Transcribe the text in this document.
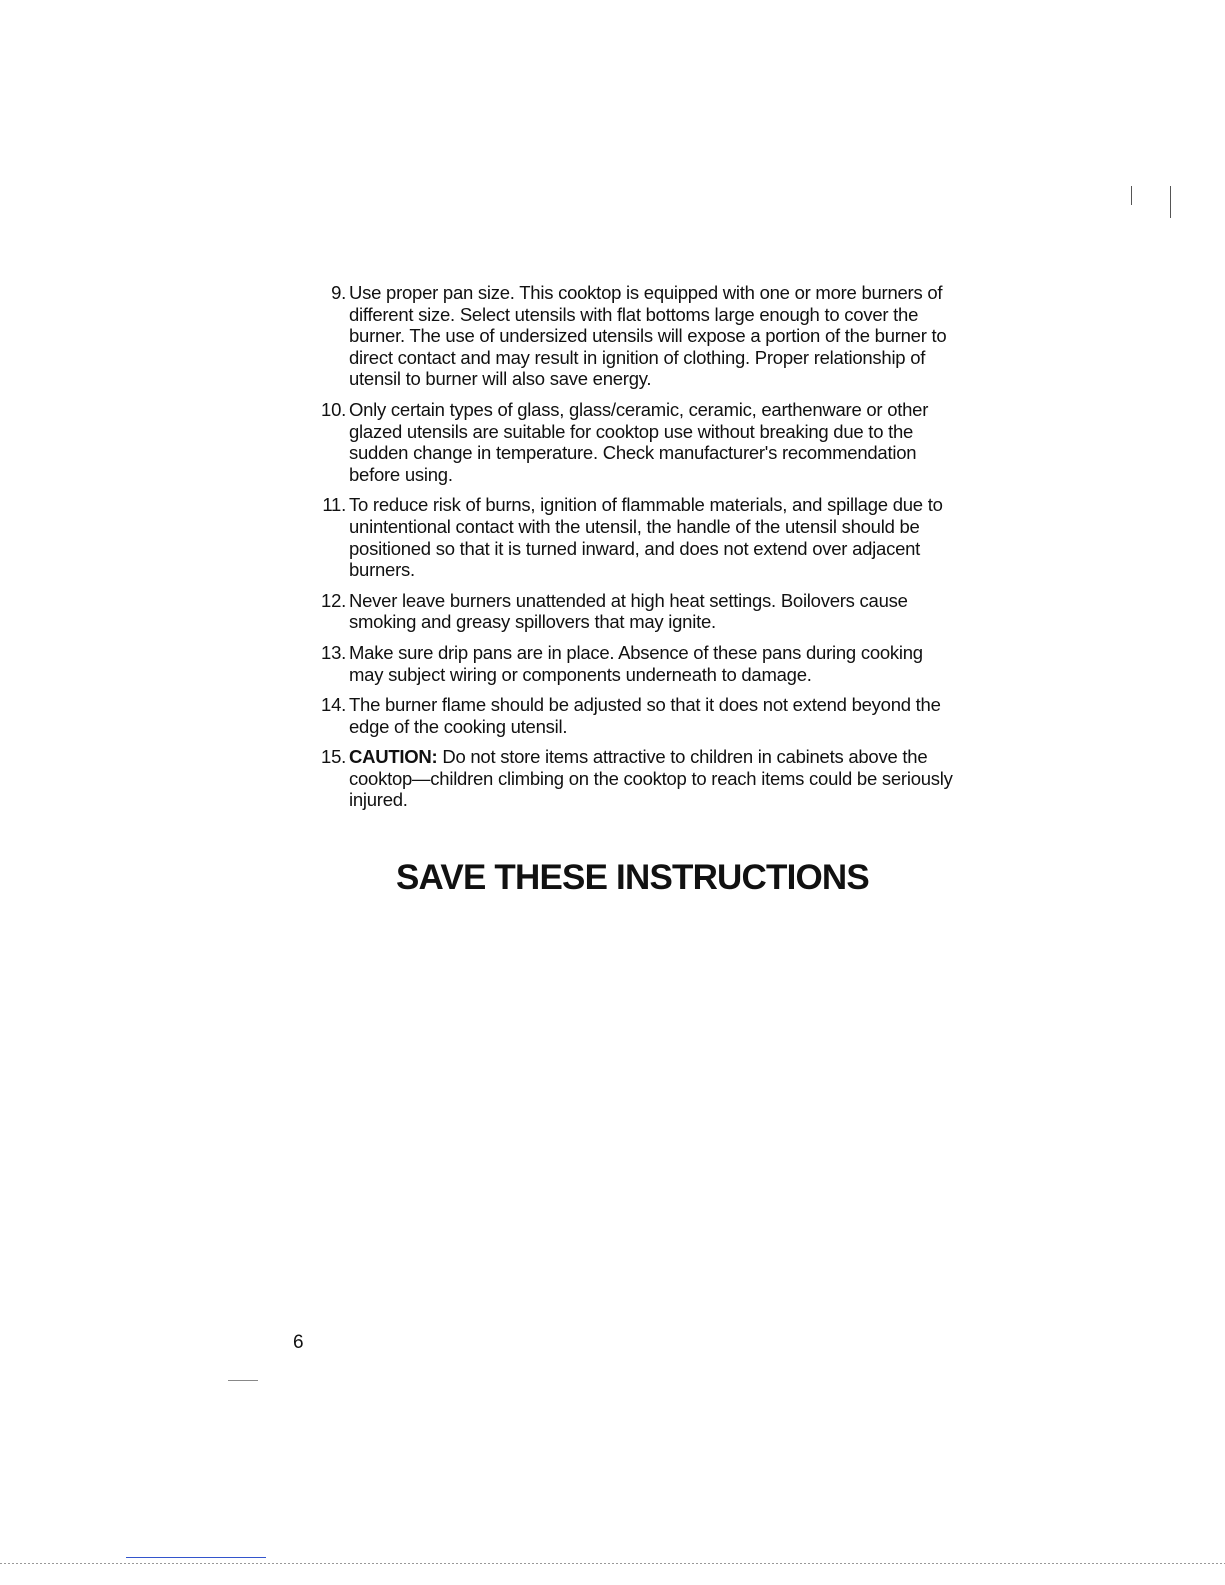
9. Use proper pan size. This cooktop is equipped with one or more burners of different size. Select utensils with flat bottoms large enough to cover the burner. The use of undersized utensils will expose a portion of the burner to direct contact and may result in ignition of clothing. Proper relationship of utensil to burner will also save energy.
10. Only certain types of glass, glass/ceramic, ceramic, earthenware or other glazed utensils are suitable for cooktop use without breaking due to the sudden change in temperature. Check manufacturer's recommendation before using.
11. To reduce risk of burns, ignition of flammable materials, and spillage due to unintentional contact with the utensil, the handle of the utensil should be positioned so that it is turned inward, and does not extend over adjacent burners.
12. Never leave burners unattended at high heat settings. Boilovers cause smoking and greasy spillovers that may ignite.
13. Make sure drip pans are in place. Absence of these pans during cooking may subject wiring or components underneath to damage.
14. The burner flame should be adjusted so that it does not extend beyond the edge of the cooking utensil.
15. CAUTION: Do not store items attractive to children in cabinets above the cooktop—children climbing on the cooktop to reach items could be seriously injured.
SAVE THESE INSTRUCTIONS
6
